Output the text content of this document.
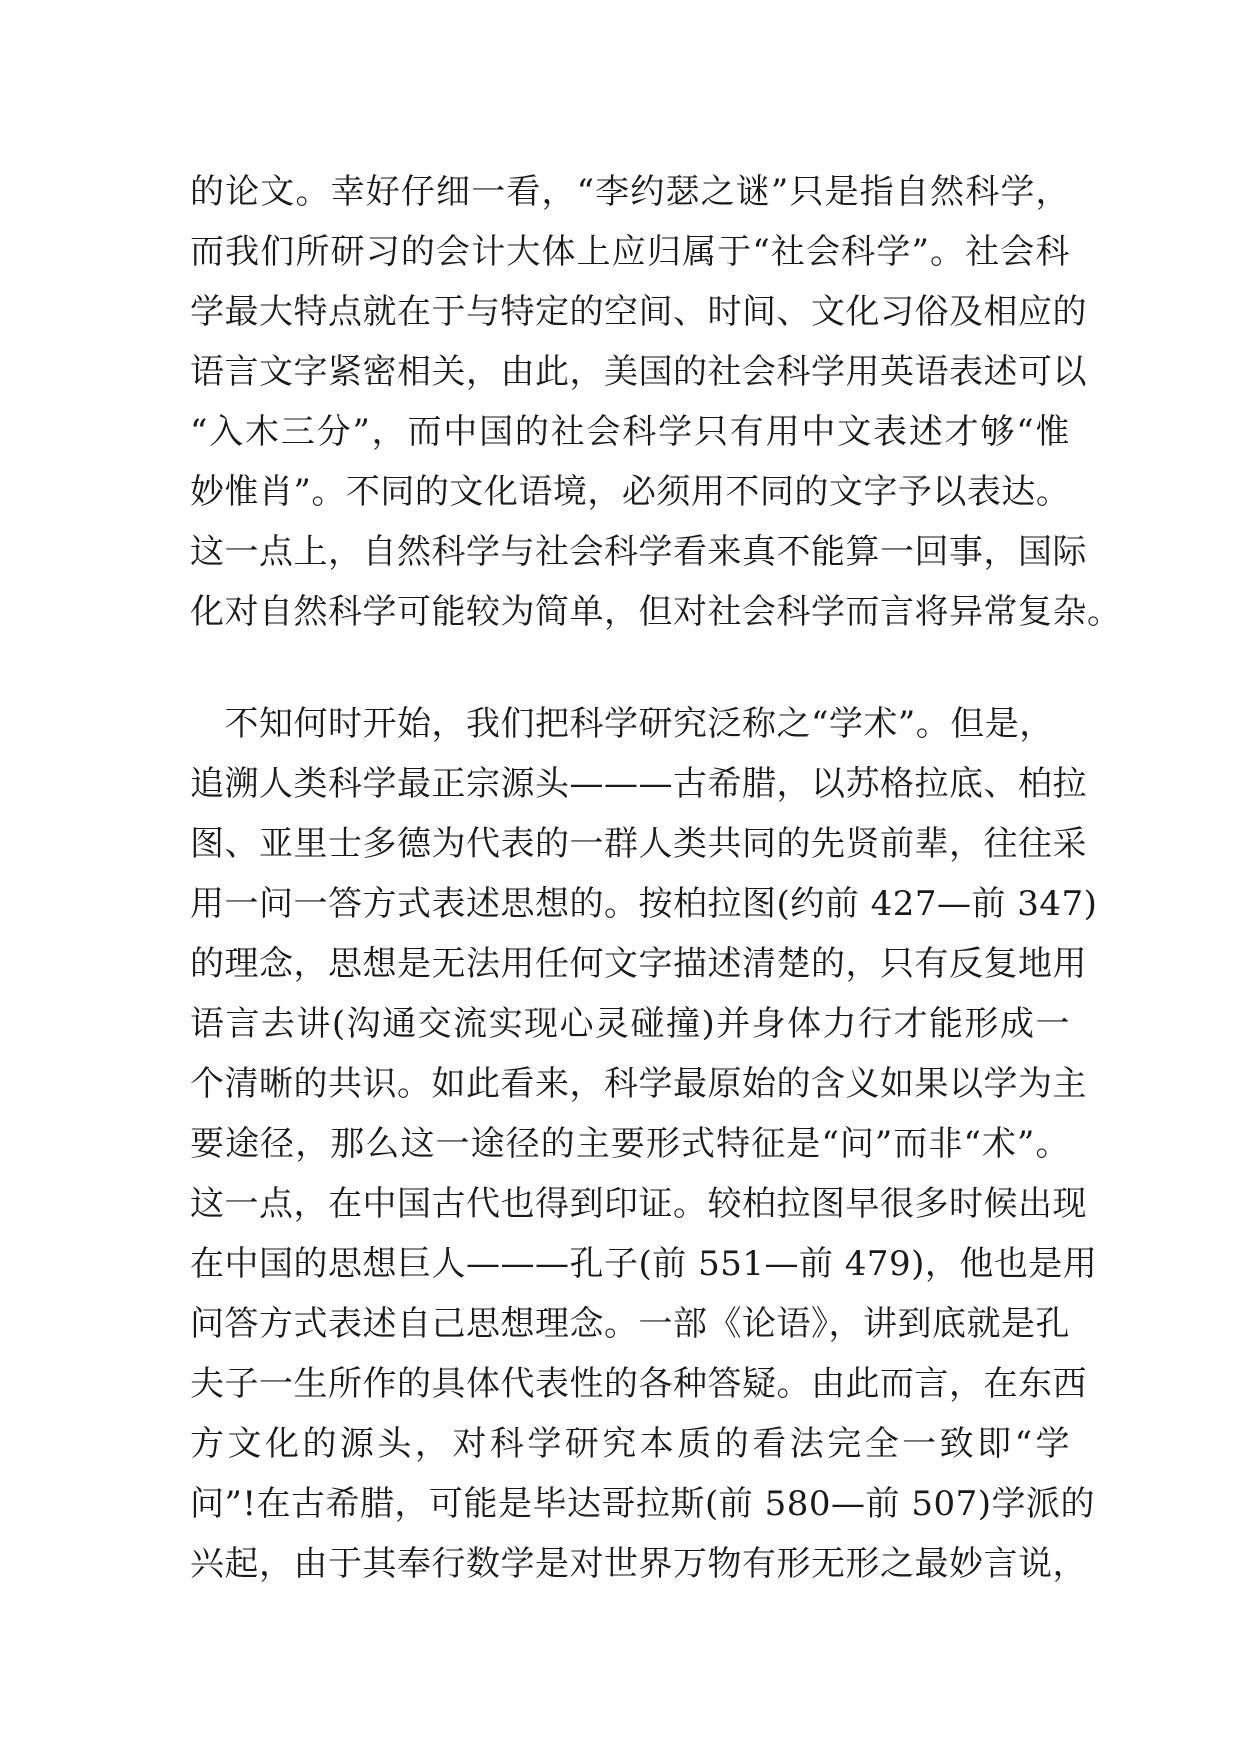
的论文。幸好仔细一看，“李约瑟之谜”只是指自然科学，
而我们所研习的会计大体上应归属于“社会科学”。社会科
学最大特点就在于与特定的空间、时间、文化习俗及相应的
语言文字紧密相关，由此，美国的社会科学用英语表述可以
“入木三分”，而中国的社会科学只有用中文表述才够“惟
妙惟肖”。不同的文化语境，必须用不同的文字予以表达。
这一点上，自然科学与社会科学看来真不能算一回事，国际
化对自然科学可能较为简单，但对社会科学而言将异常复杂。
　不知何时开始，我们把科学研究泛称之“学术”。但是，
追溯人类科学最正宗源头———古希腊，以苏格拉底、柏拉
图、亚里士多德为代表的一群人类共同的先贤前辈，往往采
用一问一答方式表述思想的。按柏拉图(约前 427—前 347)
的理念，思想是无法用任何文字描述清楚的，只有反复地用
语言去讲(沟通交流实现心灵碰撞)并身体力行才能形成一
个清晰的共识。如此看来，科学最原始的含义如果以学为主
要途径，那么这一途径的主要形式特征是“问”而非“术”。
这一点，在中国古代也得到印证。较柏拉图早很多时候出现
在中国的思想巨人———孔子(前 551—前 479)，他也是用
问答方式表述自己思想理念。一部《论语》，讲到底就是孔
夫子一生所作的具体代表性的各种答疑。由此而言，在东西
方文化的源头，对科学研究本质的看法完全一致即“学
问”!在古希腊，可能是毕达哥拉斯(前 580—前 507)学派的
兴起，由于其奉行数学是对世界万物有形无形之最妙言说，
